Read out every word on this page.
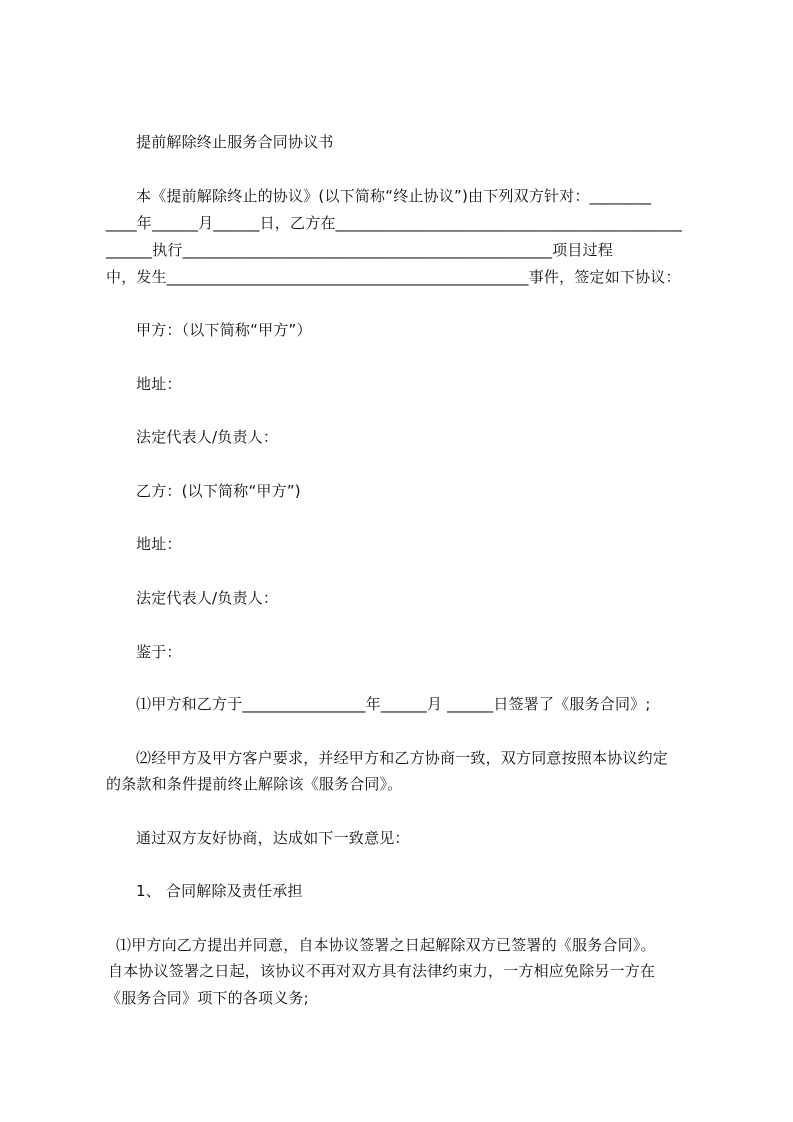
提前解除终止服务合同协议书

本《提前解除终止的协议》(以下简称“终止协议”)由下列双方针对：________

____年______月______日，乙方在_____________________________________________

______执行________________________________________________项目过程

中，发生_______________________________________________事件，签定如下协议：

甲方：（以下简称“甲方”）

地址：

法定代表人/负责人：

乙方：(以下简称“甲方”)

地址：

法定代表人/负责人：

鉴于：

⑴甲方和乙方于________________年______月 ______日签署了《服务合同》;

⑵经甲方及甲方客户要求，并经甲方和乙方协商一致，双方同意按照本协议约定

的条款和条件提前终止解除该《服务合同》。

通过双方友好协商，达成如下一致意见：

1、 合同解除及责任承担

⑴甲方向乙方提出并同意，自本协议签署之日起解除双方已签署的《服务合同》。

自本协议签署之日起，该协议不再对双方具有法律约束力，一方相应免除另一方在

《服务合同》项下的各项义务;
